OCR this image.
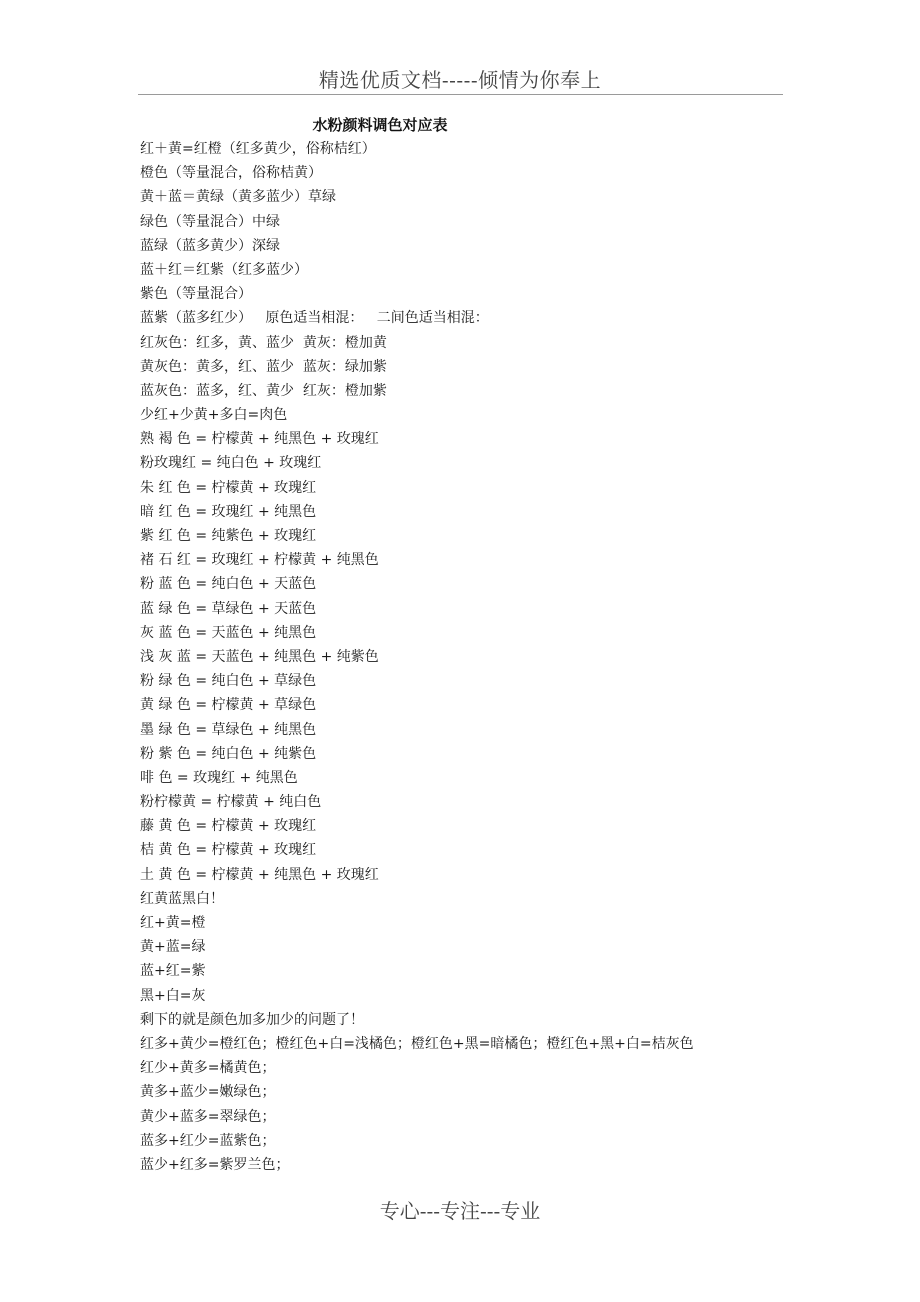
精选优质文档-----倾情为你奉上
水粉颜料调色对应表
红＋黄=红橙（红多黄少，俗称桔红）
橙色（等量混合，俗称桔黄）
黄＋蓝＝黄绿（黄多蓝少）草绿
绿色（等量混合）中绿
蓝绿（蓝多黄少）深绿
蓝＋红＝红紫（红多蓝少）
紫色（等量混合）
蓝紫（蓝多红少）   原色适当相混：   二间色适当相混：
红灰色：红多，黄、蓝少  黄灰：橙加黄
黄灰色：黄多，红、蓝少  蓝灰：绿加紫
蓝灰色：蓝多，红、黄少  红灰：橙加紫
少红+少黄+多白=肉色
熟 褐 色 = 柠檬黄 + 纯黑色 + 玫瑰红
粉玫瑰红 = 纯白色 + 玫瑰红
朱 红 色 = 柠檬黄 + 玫瑰红
暗 红 色 = 玫瑰红 + 纯黑色
紫 红 色 = 纯紫色 + 玫瑰红
褚 石 红 = 玫瑰红 + 柠檬黄 + 纯黑色
粉 蓝 色 = 纯白色 + 天蓝色
蓝 绿 色 = 草绿色 + 天蓝色
灰 蓝 色 = 天蓝色 + 纯黑色
浅 灰 蓝 = 天蓝色 + 纯黑色 + 纯紫色
粉 绿 色 = 纯白色 + 草绿色
黄 绿 色 = 柠檬黄 + 草绿色
墨 绿 色 = 草绿色 + 纯黑色
粉 紫 色 = 纯白色 + 纯紫色
啡 色 = 玫瑰红 + 纯黑色
粉柠檬黄 = 柠檬黄 + 纯白色
藤 黄 色 = 柠檬黄 + 玫瑰红
桔 黄 色 = 柠檬黄 + 玫瑰红
土 黄 色 = 柠檬黄 + 纯黑色 + 玫瑰红
红黄蓝黑白！
红+黄=橙
黄+蓝=绿
蓝+红=紫
黑+白=灰
剩下的就是颜色加多加少的问题了！
红多+黄少=橙红色；橙红色+白=浅橘色；橙红色+黑=暗橘色；橙红色+黑+白=桔灰色
红少+黄多=橘黄色；
黄多+蓝少=嫩绿色；
黄少+蓝多=翠绿色；
蓝多+红少=蓝紫色；
蓝少+红多=紫罗兰色；
专心---专注---专业
